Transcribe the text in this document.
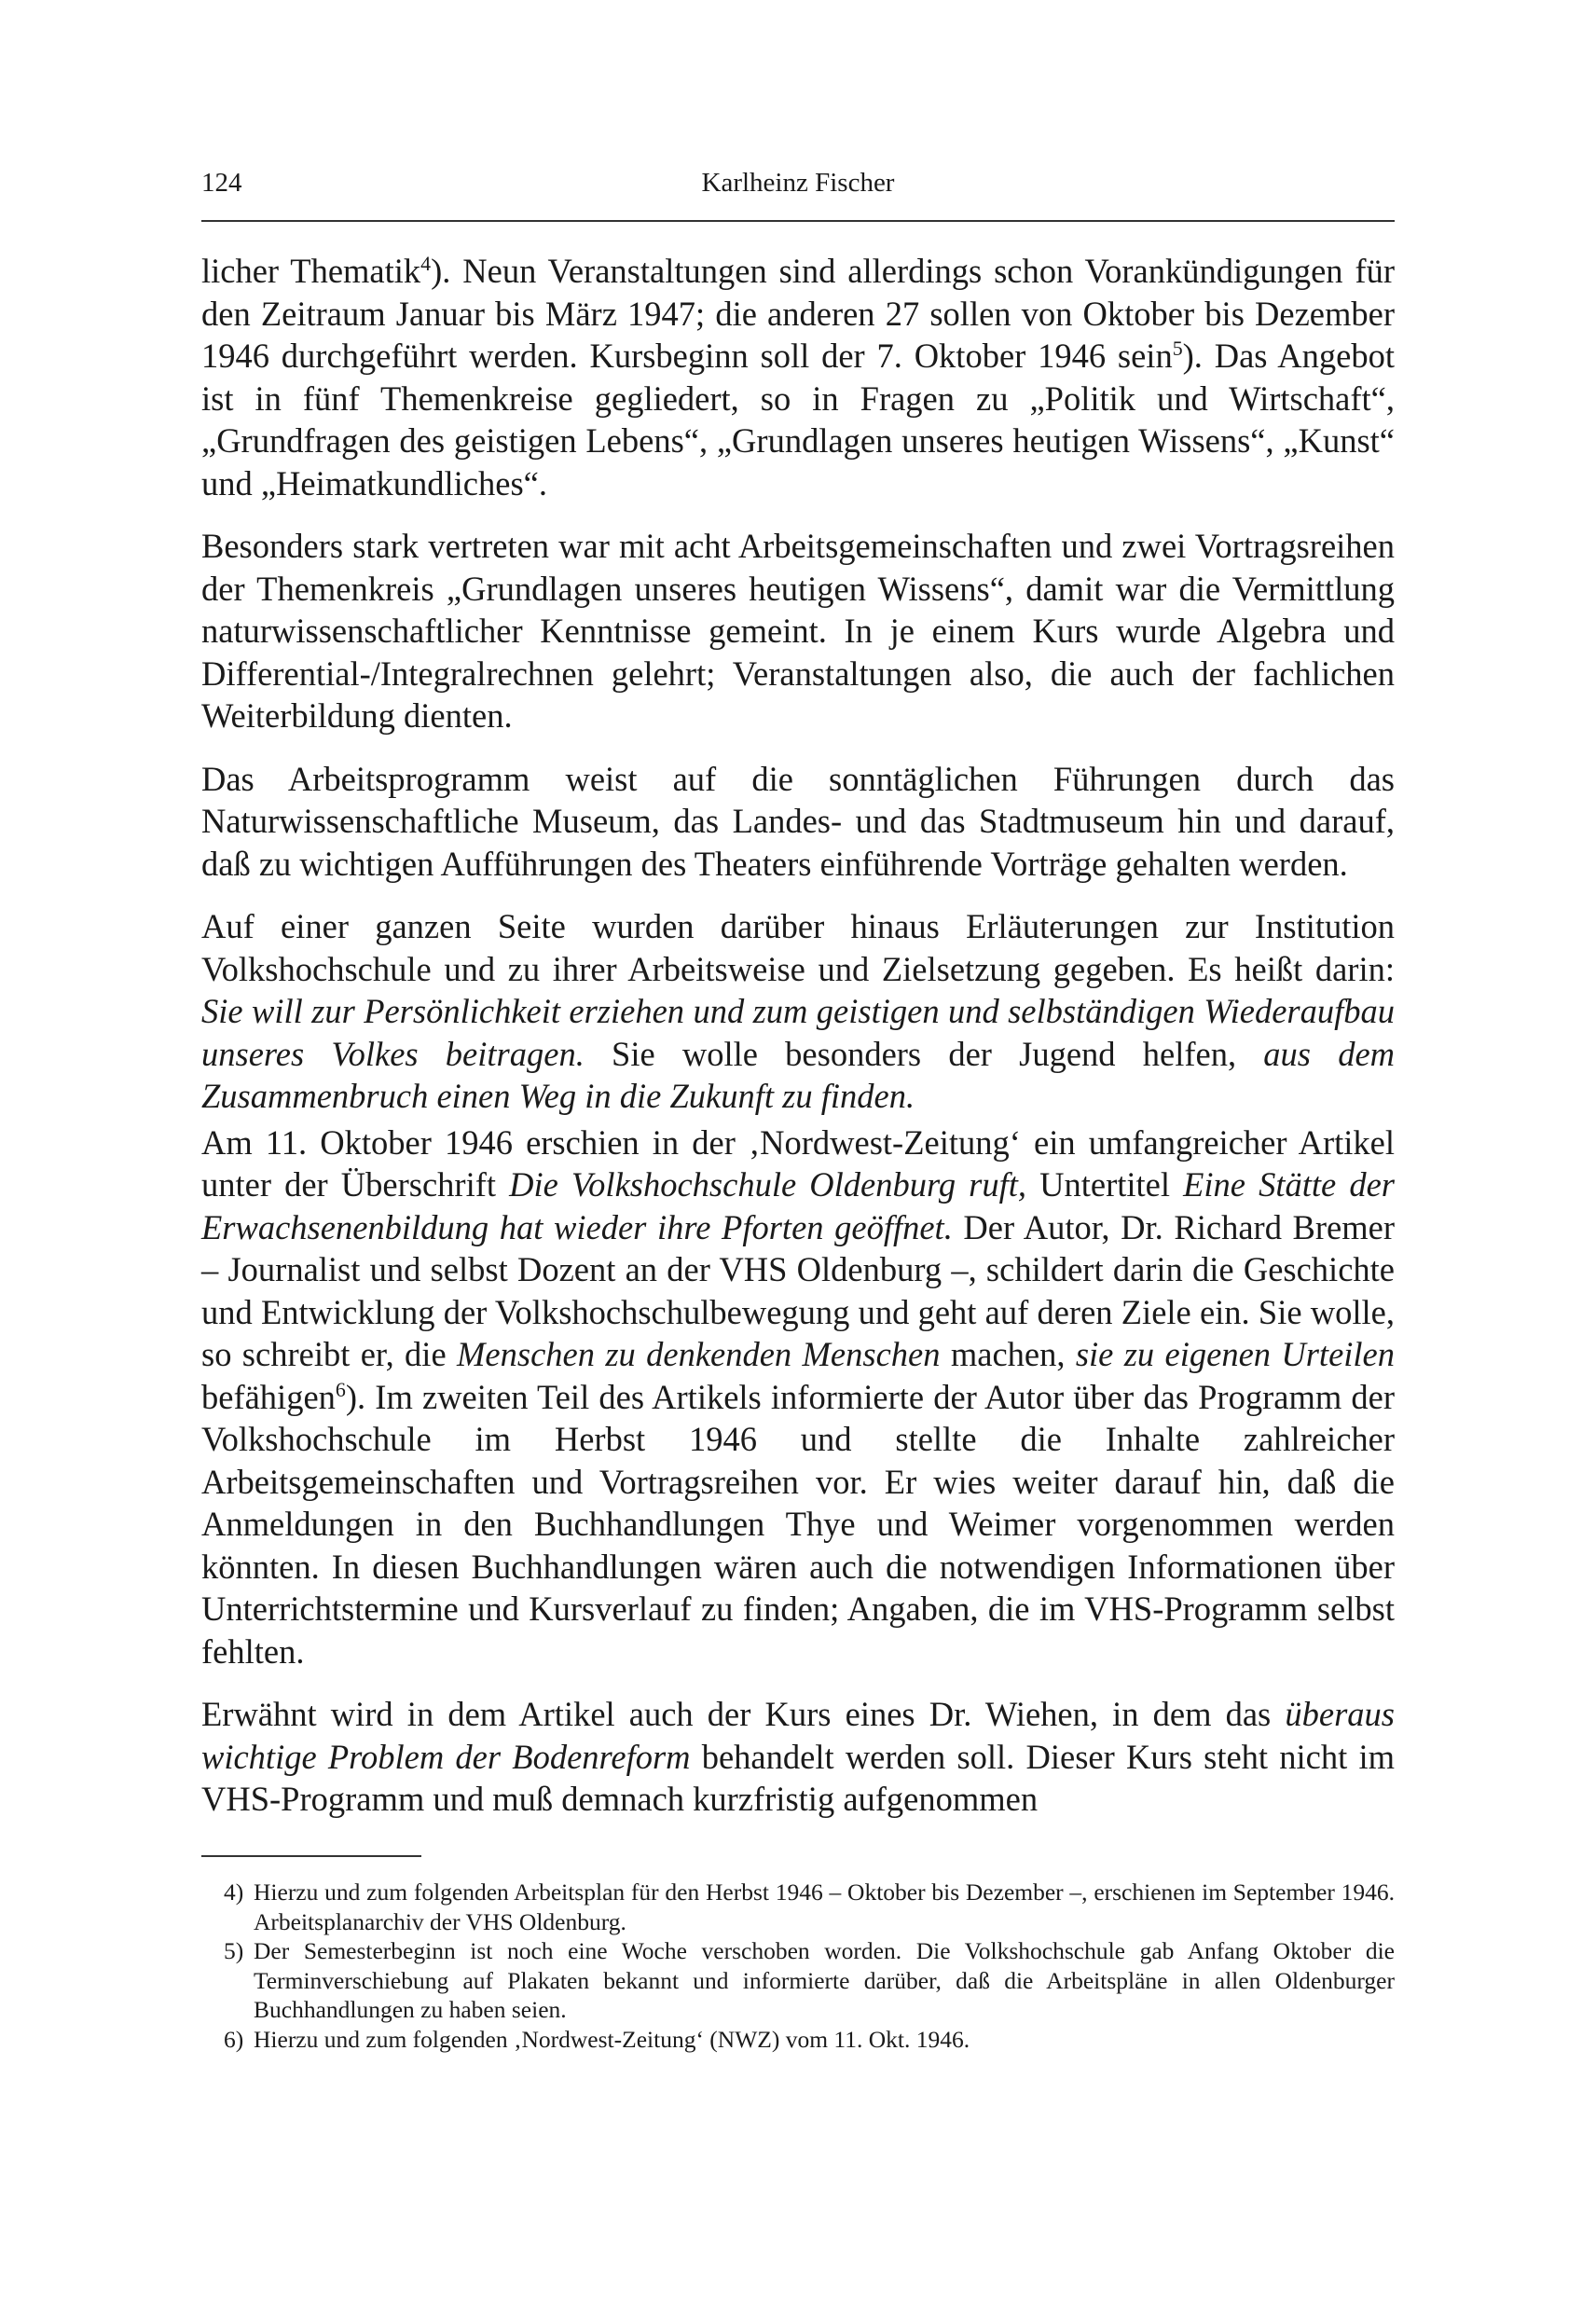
124	Karlheinz Fischer

licher Thematik$^4$). Neun Veranstaltungen sind allerdings schon Vorankündigungen für den Zeitraum Januar bis März 1947; die anderen 27 sollen von Oktober bis Dezember 1946 durchgeführt werden. Kursbeginn soll der 7. Oktober 1946 sein$^5$). Das Angebot ist in fünf Themenkreise gegliedert, so in Fragen zu „Politik und Wirtschaft“, „Grundfragen des geistigen Lebens“, „Grundlagen unseres heutigen Wissens“, „Kunst“ und „Heimatkundliches“.

Besonders stark vertreten war mit acht Arbeitsgemeinschaften und zwei Vortragsreihen der Themenkreis „Grundlagen unseres heutigen Wissens“, damit war die Vermittlung naturwissenschaftlicher Kenntnisse gemeint. In je einem Kurs wurde Algebra und Differential-/Integralrechnen gelehrt; Veranstaltungen also, die auch der fachlichen Weiterbildung dienten.

Das Arbeitsprogramm weist auf die sonntäglichen Führungen durch das Naturwissenschaftliche Museum, das Landes- und das Stadtmuseum hin und darauf, daß zu wichtigen Aufführungen des Theaters einführende Vorträge gehalten werden.

Auf einer ganzen Seite wurden darüber hinaus Erläuterungen zur Institution Volkshochschule und zu ihrer Arbeitsweise und Zielsetzung gegeben. Es heißt darin: Sie will zur Persönlichkeit erziehen und zum geistigen und selbständigen Wiederaufbau unseres Volkes beitragen. Sie wolle besonders der Jugend helfen, aus dem Zusammenbruch einen Weg in die Zukunft zu finden.

Am 11. Oktober 1946 erschien in der ‚Nordwest-Zeitung‘ ein umfangreicher Artikel unter der Überschrift Die Volkshochschule Oldenburg ruft, Untertitel Eine Stätte der Erwachsenenbildung hat wieder ihre Pforten geöffnet. Der Autor, Dr. Richard Bremer – Journalist und selbst Dozent an der VHS Oldenburg –, schildert darin die Geschichte und Entwicklung der Volkshochschulbewegung und geht auf deren Ziele ein. Sie wolle, so schreibt er, die Menschen zu denkenden Menschen machen, sie zu eigenen Urteilen befähigen$^6$). Im zweiten Teil des Artikels informierte der Autor über das Programm der Volkshochschule im Herbst 1946 und stellte die Inhalte zahlreicher Arbeitsgemeinschaften und Vortragsreihen vor. Er wies weiter darauf hin, daß die Anmeldungen in den Buchhandlungen Thye und Weimer vorgenommen werden könnten. In diesen Buchhandlungen wären auch die notwendigen Informationen über Unterrichtstermine und Kursverlauf zu finden; Angaben, die im VHS-Programm selbst fehlten.

Erwähnt wird in dem Artikel auch der Kurs eines Dr. Wiehen, in dem das überaus wichtige Problem der Bodenreform behandelt werden soll. Dieser Kurs steht nicht im VHS-Programm und muß demnach kurzfristig aufgenommen

4) Hierzu und zum folgenden Arbeitsplan für den Herbst 1946 – Oktober bis Dezember –, erschienen im September 1946. Arbeitsplanarchiv der VHS Oldenburg.
5) Der Semesterbeginn ist noch eine Woche verschoben worden. Die Volkshochschule gab Anfang Oktober die Terminverschiebung auf Plakaten bekannt und informierte darüber, daß die Arbeitspläne in allen Oldenburger Buchhandlungen zu haben seien.
6) Hierzu und zum folgenden ‚Nordwest-Zeitung‘ (NWZ) vom 11. Okt. 1946.
